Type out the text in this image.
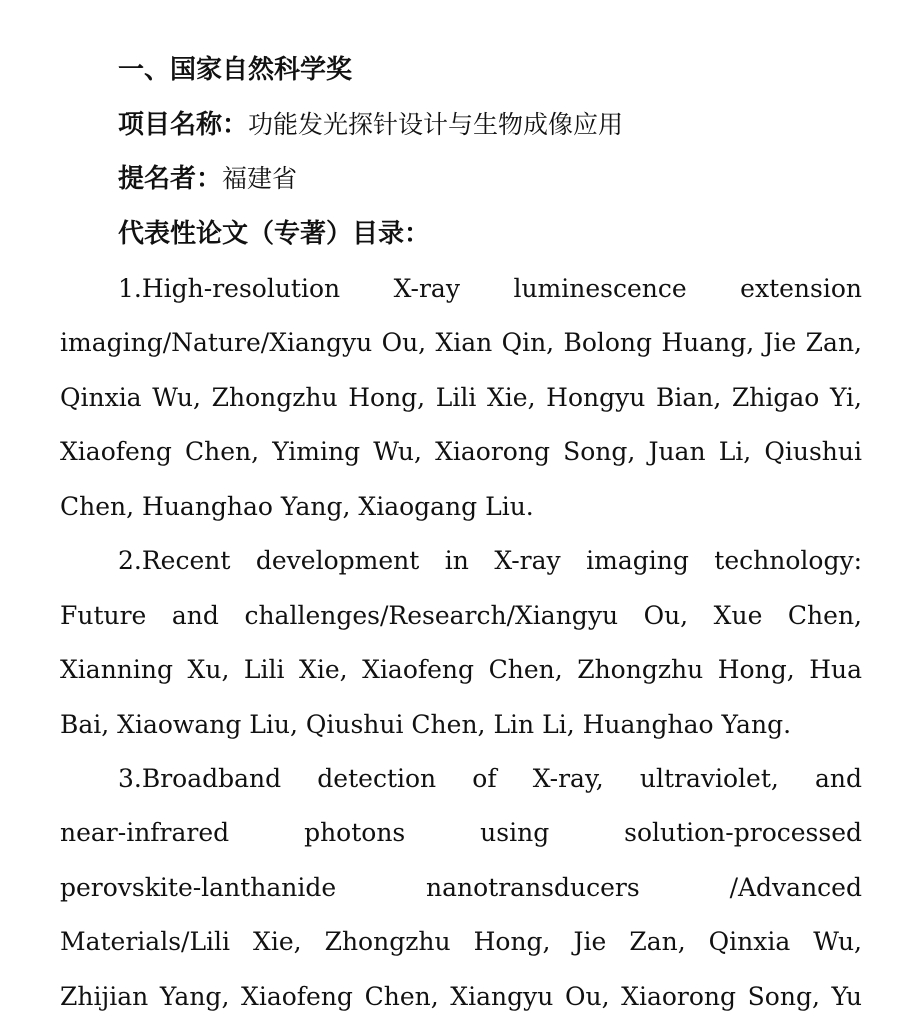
一、国家自然科学奖
项目名称：功能发光探针设计与生物成像应用
提名者：福建省
代表性论文（专著）目录：
1.High-resolution X-ray luminescence extension
imaging/Nature/Xiangyu Ou, Xian Qin, Bolong Huang, Jie Zan,
Qinxia Wu, Zhongzhu Hong, Lili Xie, Hongyu Bian, Zhigao Yi,
Xiaofeng Chen, Yiming Wu, Xiaorong Song, Juan Li, Qiushui
Chen, Huanghao Yang, Xiaogang Liu.
2.Recent development in X-ray imaging technology:
Future and challenges/Research/Xiangyu Ou, Xue Chen,
Xianning Xu, Lili Xie, Xiaofeng Chen, Zhongzhu Hong, Hua
Bai, Xiaowang Liu, Qiushui Chen, Lin Li, Huanghao Yang.
3.Broadband detection of X-ray, ultraviolet, and
near-infrared photons using solution-processed
perovskite-lanthanide nanotransducers /Advanced
Materials/Lili Xie, Zhongzhu Hong, Jie Zan, Qinxia Wu,
Zhijian Yang, Xiaofeng Chen, Xiangyu Ou, Xiaorong Song, Yu
